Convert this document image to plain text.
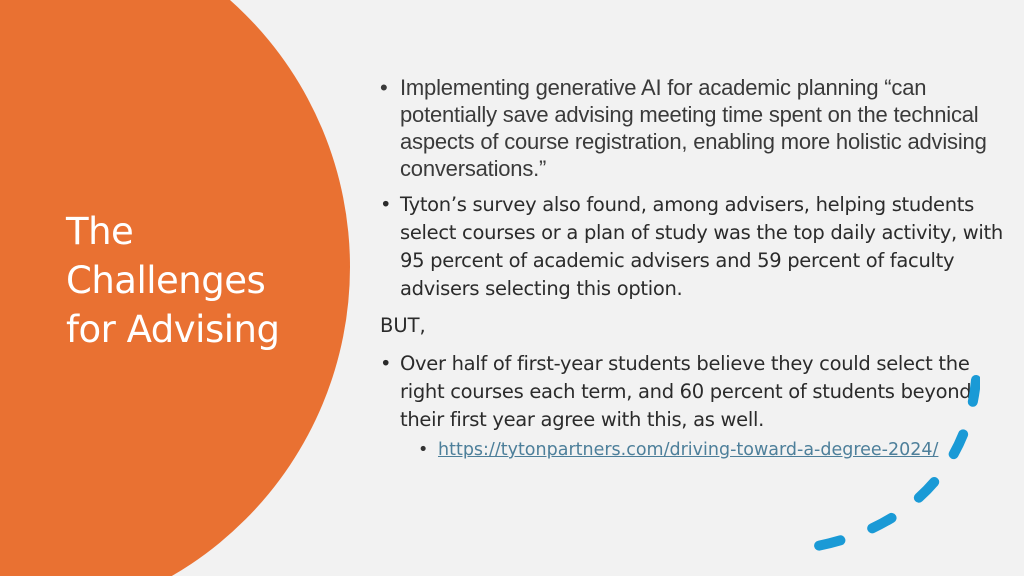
The
Challenges
for Advising
• Implementing generative AI for academic planning “can potentially save advising meeting time spent on the technical aspects of course registration, enabling more holistic advising conversations.”
• Tyton’s survey also found, among advisers, helping students select courses or a plan of study was the top daily activity, with 95 percent of academic advisers and 59 percent of faculty advisers selecting this option.
BUT,
• Over half of first-year students believe they could select the right courses each term, and 60 percent of students beyond their first year agree with this, as well.
• https://tytonpartners.com/driving-toward-a-degree-2024/
